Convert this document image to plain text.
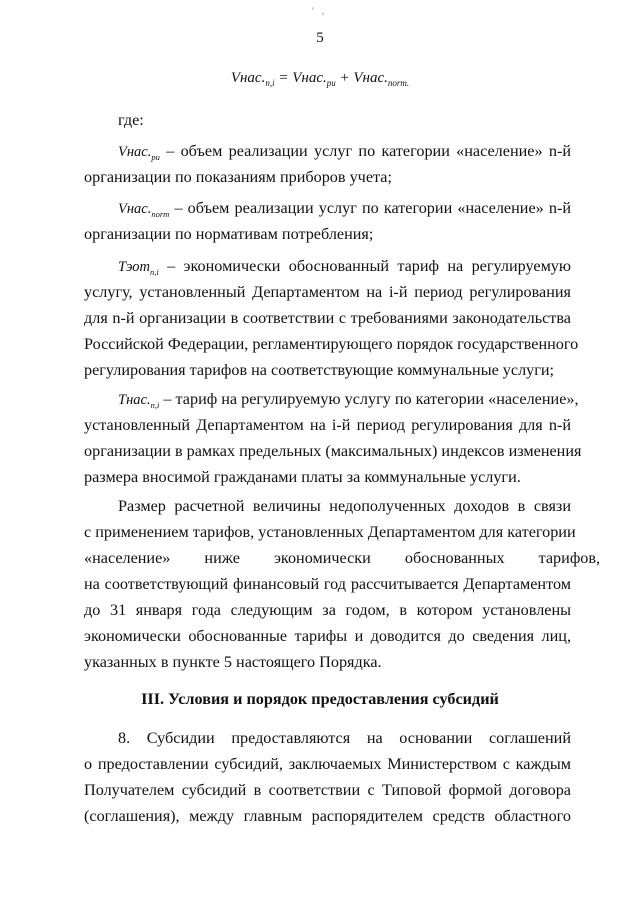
' ,
5
$Vнас._{n,i}$ = $Vнас._{pu}$ + $Vнас._{norm.}$
где:
$Vнас._{pu}$ – объем реализации услуг по категории «население» n-й
организации по показаниям приборов учета;
$Vнас._{norm}$ – объем реализации услуг по категории «население» n-й
организации по нормативам потребления;
Tэот$_{n,i}$ – экономически обоснованный тариф на регулируемую
услугу, установленный Департаментом на i-й период регулирования
для n-й организации в соответствии с требованиями законодательства
Российской Федерации, регламентирующего порядок государственного
регулирования тарифов на соответствующие коммунальные услуги;
$Tнас._{n,i}$ – тариф на регулируемую услугу по категории «население»,
установленный Департаментом на i-й период регулирования для n-й
организации в рамках предельных (максимальных) индексов изменения
размера вносимой гражданами платы за коммунальные услуги.
Размер расчетной величины недополученных доходов в связи
с применением тарифов, установленных Департаментом для категории
«население» ниже экономически обоснованных тарифов,
на соответствующий финансовый год рассчитывается Департаментом
до 31 января года следующим за годом, в котором установлены
экономически обоснованные тарифы и доводится до сведения лиц,
указанных в пункте 5 настоящего Порядка.
III. Условия и порядок предоставления субсидий
8. Субсидии предоставляются на основании соглашений
о предоставлении субсидий, заключаемых Министерством с каждым
Получателем субсидий в соответствии с Типовой формой договора
(соглашения), между главным распорядителем средств областного
